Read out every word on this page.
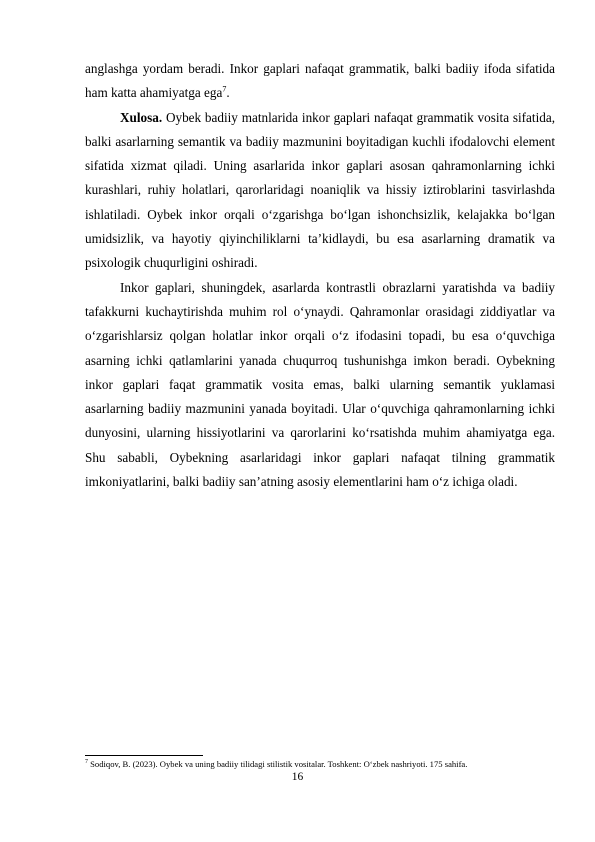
anglashga yordam beradi. Inkor gaplari nafaqat grammatik, balki badiiy ifoda sifatida ham katta ahamiyatga ega$^7$.

Xulosa. Oybek badiiy matnlarida inkor gaplari nafaqat grammatik vosita sifatida, balki asarlarning semantik va badiiy mazmunini boyitadigan kuchli ifodalovchi element sifatida xizmat qiladi. Uning asarlarida inkor gaplari asosan qahramonlarning ichki kurashlari, ruhiy holatlari, qarorlaridagi noaniqlik va hissiy iztiroblarini tasvirlashda ishlatiladi. Oybek inkor orqali o‘zgarishga bo‘lgan ishonchsizlik, kelajakka bo‘lgan umidsizlik, va hayotiy qiyinchiliklarni ta’kidlaydi, bu esa asarlarning dramatik va psixologik chuqurligini oshiradi.

Inkor gaplari, shuningdek, asarlarda kontrastli obrazlarni yaratishda va badiiy tafakkurni kuchaytirishda muhim rol o‘ynaydi. Qahramonlar orasidagi ziddiyatlar va o‘zgarishlarsiz qolgan holatlar inkor orqali o‘z ifodasini topadi, bu esa o‘quvchiga asarning ichki qatlamlarini yanada chuqurroq tushunishga imkon beradi. Oybekning inkor gaplari faqat grammatik vosita emas, balki ularning semantik yuklamasi asarlarning badiiy mazmunini yanada boyitadi. Ular o‘quvchiga qahramonlarning ichki dunyosini, ularning hissiyotlarini va qarorlarini ko‘rsatishda muhim ahamiyatga ega. Shu sababli, Oybekning asarlaridagi inkor gaplari nafaqat tilning grammatik imkoniyatlarini, balki badiiy san’atning asosiy elementlarini ham o‘z ichiga oladi.

$^7$ Sodiqov, B. (2023). Oybek va uning badiiy tilidagi stilistik vositalar. Toshkent: O‘zbek nashriyoti. 175 sahifa.
16
